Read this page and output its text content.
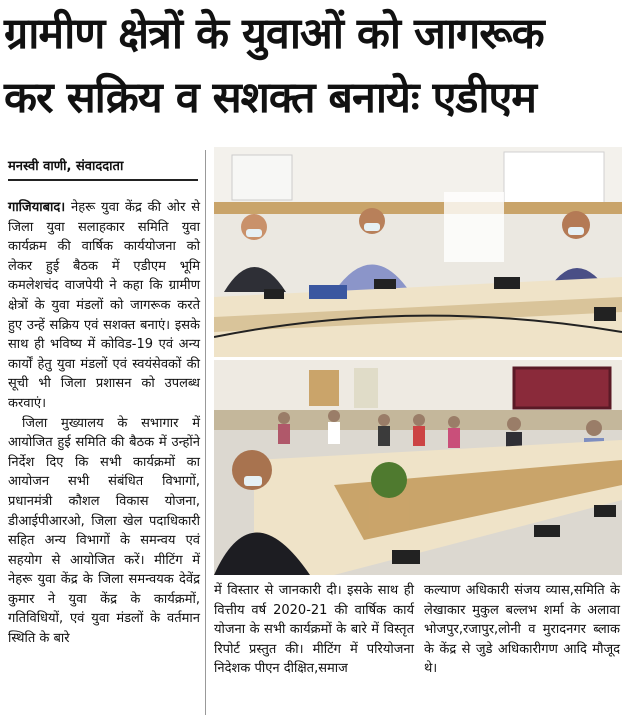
ग्रामीण क्षेत्रों के युवाओं को जागरूक
कर सक्रिय व सशक्त बनायेः एडीएम
मनस्वी वाणी, संवाददाता

गाजियाबाद। नेहरू युवा केंद्र की ओर से जिला युवा सलाहकार समिति युवा कार्यक्रम की वार्षिक कार्ययोजना को लेकर हुई बैठक में एडीएम भूमि कमलेशचंद वाजपेयी ने कहा कि ग्रामीण क्षेत्रों के युवा मंडलों को जागरूक करते हुए उन्हें सक्रिय एवं सशक्त बनाएं। इसके साथ ही भविष्य में कोविड-19 एवं अन्य कार्यों हेतु युवा मंडलों एवं स्वयंसेवकों की सूची भी जिला प्रशासन को उपलब्ध करवाएं।

जिला मुख्यालय के सभागार में आयोजित हुई समिति की बैठक में उन्होंने निर्देश दिए कि सभी कार्यक्रमों का आयोजन सभी संबंधित विभागों, प्रधानमंत्री कौशल विकास योजना, डीआईपीआरओ, जिला खेल पदाधिकारी सहित अन्य विभागों के समन्वय एवं सहयोग से आयोजित करें। मीटिंग में नेहरू युवा केंद्र के जिला समन्वयक देवेंद्र कुमार ने युवा केंद्र के कार्यक्रमों, गतिविधियों, एवं युवा मंडलों के वर्तमान स्थिति के बारे

में विस्तार से जानकारी दी। इसके साथ ही वित्तीय वर्ष 2020-21 की वार्षिक कार्य योजना के सभी कार्यक्रमों के बारे में विस्तृत रिपोर्ट प्रस्तुत की। मीटिंग में परियोजना निदेशक पीएन दीक्षित,समाज

कल्याण अधिकारी संजय व्यास,समिति के लेखाकार मुकुल बल्लभ शर्मा के अलावा भोजपुर,रजापुर,लोनी व मुरादनगर ब्लाक के केंद्र से जुडे अधिकारीगण आदि मौजूद थे।
